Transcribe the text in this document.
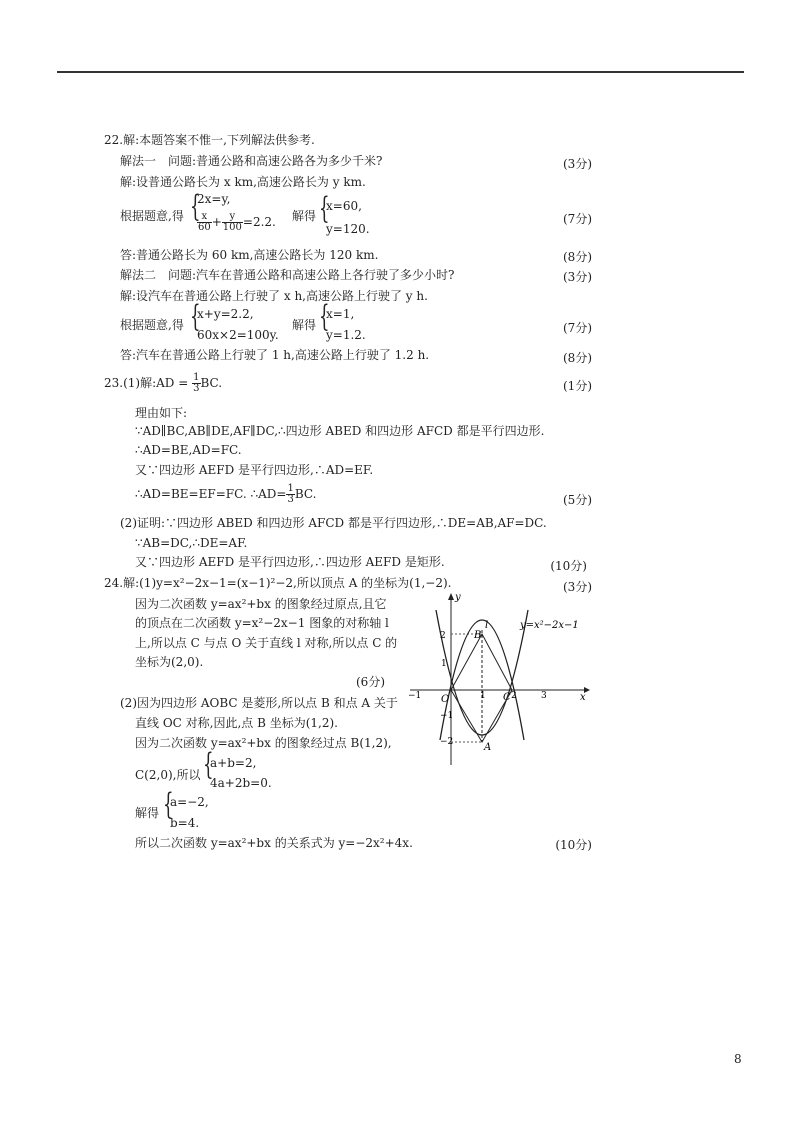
22.解:本题答案不惟一,下列解法供参考.
解法一　问题:普通公路和高速公路各为多少千米?	(3分)
解:设普通公路长为 x km,高速公路长为 y km.
根据题意,得 {
2x=y,
$\frac{x}{60} + \frac{y}{100} =2.2$. 解得 {
x=60,
y=120.
(7分)
答:普通公路长为 60 km,高速公路长为 120 km.	(8分)
解法二　问题:汽车在普通公路和高速公路上各行驶了多少小时?	(3分)
解:设汽车在普通公路上行驶了 x h,高速公路上行驶了 y h.
根据题意,得 {
x+y=2.2,
60x×2=100y.
解得 {
x=1,
y=1.2.	(7分)
答:汽车在普通公路上行驶了 1 h,高速公路上行驶了 1.2 h.	(8分)
23.(1)解:AD = $\frac{1}{3}$ BC.	(1分)
理由如下:
∵AD∥BC,AB∥DE,AF∥DC,∴四边形 ABED 和四边形 AFCD 都是平行四边形.
∴AD=BE,AD=FC.
又∵四边形 AEFD 是平行四边形,∴AD=EF.
∴AD=BE=EF=FC. ∴AD= $\frac{1}{3}$ BC.	(5分)
(2)证明:∵四边形 ABED 和四边形 AFCD 都是平行四边形,∴DE=AB,AF=DC.
∵AB=DC,∴DE=AF.
又∵四边形 AEFD 是平行四边形,∴四边形 AEFD 是矩形.	(10分)
24.解:(1)y=x²−2x−1=(x−1)²−2,所以顶点 A 的坐标为(1,−2).	(3分)
因为二次函数 y=ax²+bx 的图象经过原点,且它
的顶点在二次函数 y=x²−2x−1 图象的对称轴 l
上,所以点 C 与点 O 关于直线 l 对称,所以点 C 的
坐标为(2,0).
(6分)
(2)因为四边形 AOBC 是菱形,所以点 B 和点 A 关于
直线 OC 对称,因此,点 B 坐标为(1,2).
因为二次函数 y=ax²+bx 的图象经过点 B(1,2),
C(2,0),所以 {
a+b=2,
4a+2b=0.
解得 {
a=−2,
b=4.
所以二次函数 y=ax²+bx 的关系式为 y=−2x²+4x.	(10分)
y
x
y=x²−2x−1
l
−1	1	2	3
2
1
−1
−2
O
B
A
C
8
